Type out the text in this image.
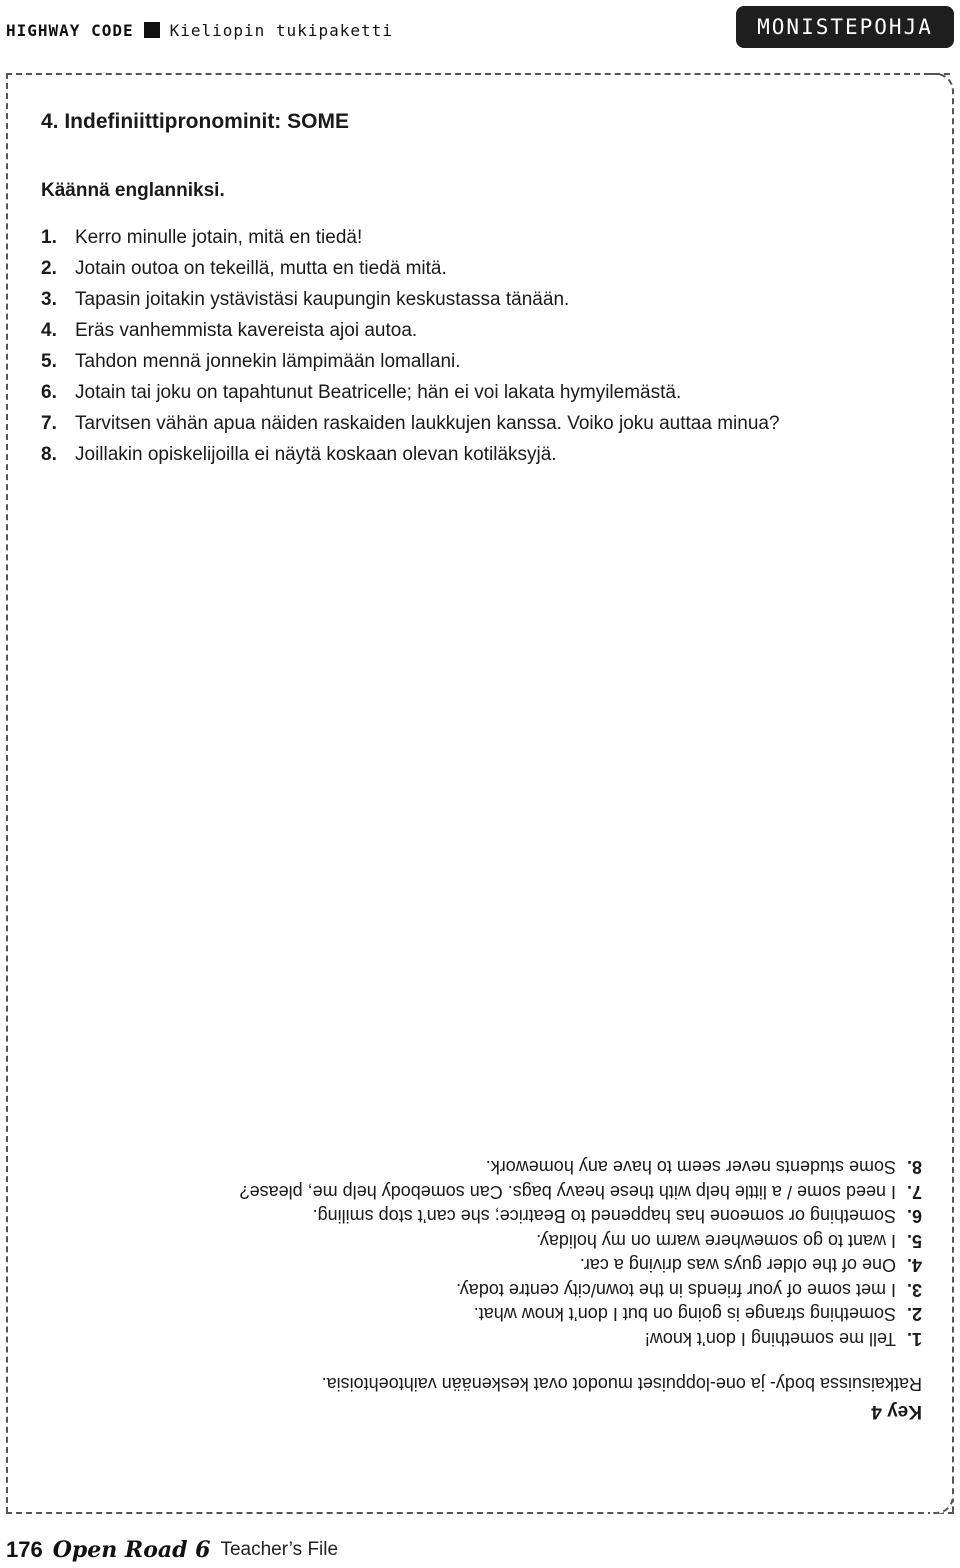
HIGHWAY CODE Kieliopin tukipaketti	MONISTEPOHJA
4. Indefiniittipronominit: SOME
Käännä englanniksi.
1. Kerro minulle jotain, mitä en tiedä!
2. Jotain outoa on tekeillä, mutta en tiedä mitä.
3. Tapasin joitakin ystävistäsi kaupungin keskustassa tänään.
4. Eräs vanhemmista kavereista ajoi autoa.
5. Tahdon mennä jonnekin lämpimään lomallani.
6. Jotain tai joku on tapahtunut Beatricelle; hän ei voi lakata hymyilemästä.
7. Tarvitsen vähän apua näiden raskaiden laukkujen kanssa. Voiko joku auttaa minua?
8. Joillakin opiskelijoilla ei näytä koskaan olevan kotiläksyjä.
Key 4
Ratkaisuissa body- ja one-loppuiset muodot ovat keskenään vaihtoehtoisia.
1.
Tell me something I don’t know!
2.
Something strange is going on but I don’t know what.
3.
I met some of your friends in the town/city centre today.
4.
One of the older guys was driving a car.
5.
I want to go somewhere warm on my holiday.
6.
Something or someone has happened to Beatrice; she can’t stop smiling.
7.
I need some / a little help with these heavy bags. Can somebody help me, please?
8.
Some students never seem to have any homework.
176 Open Road 6 Teacher’s File
